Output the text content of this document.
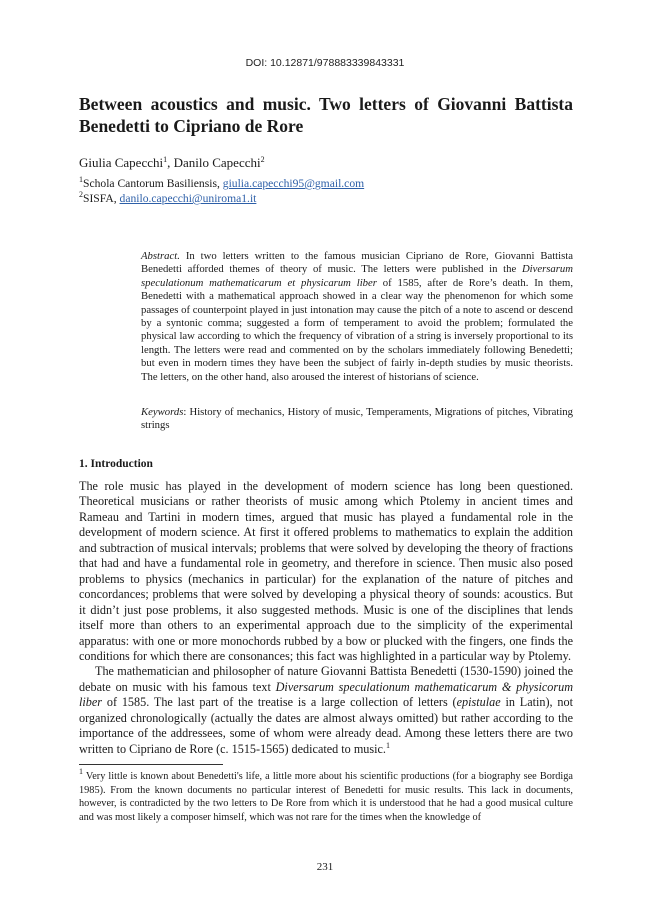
DOI: 10.12871/978883339843331
Between acoustics and music. Two letters of Giovanni Battista Benedetti to Cipriano de Rore
Giulia Capecchi$^1$, Danilo Capecchi$^2$
$^1$Schola Cantorum Basiliensis, giulia.capecchi95@gmail.com
$^2$SISFA, danilo.capecchi@uniroma1.it
Abstract. In two letters written to the famous musician Cipriano de Rore, Giovanni Battista Benedetti afforded themes of theory of music. The letters were published in the Diversarum speculationum mathematicarum et physicarum liber of 1585, after de Rore’s death. In them, Benedetti with a mathematical approach showed in a clear way the phenomenon for which some passages of counterpoint played in just intonation may cause the pitch of a note to ascend or descend by a syntonic comma; suggested a form of temperament to avoid the problem; formulated the physical law according to which the frequency of vibration of a string is inversely proportional to its length. The letters were read and commented on by the scholars immediately following Benedetti; but even in modern times they have been the subject of fairly in-depth studies by music theorists. The letters, on the other hand, also aroused the interest of historians of science.
Keywords: History of mechanics, History of music, Temperaments, Migrations of pitches, Vibrating strings
1. Introduction

The role music has played in the development of modern science has long been questioned. Theoretical musicians or rather theorists of music among which Ptolemy in ancient times and Rameau and Tartini in modern times, argued that music has played a fundamental role in the development of modern science. At first it offered problems to mathematics to explain the addition and subtraction of musical intervals; problems that were solved by developing the theory of fractions that had and have a fundamental role in geometry, and therefore in science. Then music also posed problems to physics (mechanics in particular) for the explanation of the nature of pitches and concordances; problems that were solved by developing a physical theory of sounds: acoustics. But it didn’t just pose problems, it also suggested methods. Music is one of the disciplines that lends itself more than others to an experimental approach due to the simplicity of the experimental apparatus: with one or more monochords rubbed by a bow or plucked with the fingers, one finds the conditions for which there are consonances; this fact was highlighted in a particular way by Ptolemy.

The mathematician and philosopher of nature Giovanni Battista Benedetti (1530-1590) joined the debate on music with his famous text Diversarum speculationum mathematicarum & physicorum liber of 1585. The last part of the treatise is a large collection of letters (epistulae in Latin), not organized chronologically (actually the dates are almost always omitted) but rather according to the importance of the addressees, some of whom were already dead. Among these letters there are two written to Cipriano de Rore (c. 1515-1565) dedicated to music.$^1$

$^1$ Very little is known about Benedetti's life, a little more about his scientific productions (for a biography see Bordiga 1985). From the known documents no particular interest of Benedetti for music results. This lack in documents, however, is contradicted by the two letters to De Rore from which it is understood that he had a good musical culture and was most likely a composer himself, which was not rare for the times when the knowledge of
231
